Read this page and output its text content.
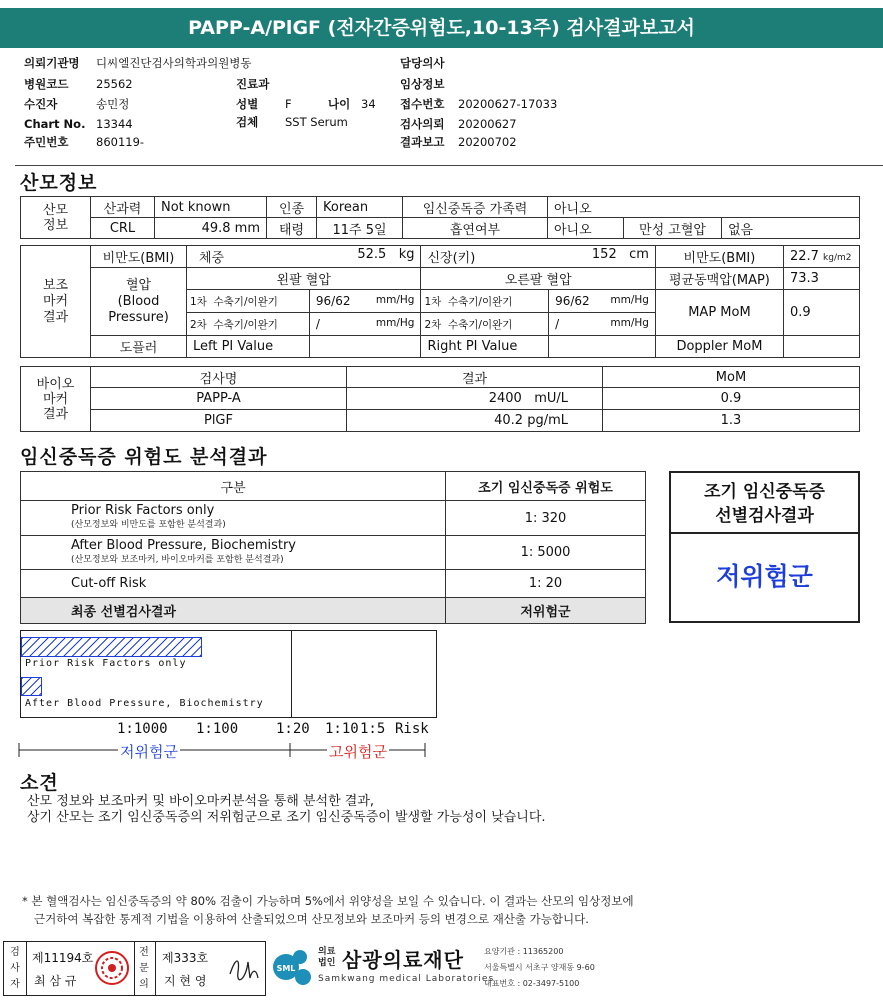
PAPP-A/PlGF (전자간증위험도,10-13주) 검사결과보고서
의뢰기관명 디씨엘진단검사의학과의원병동
병원코드 25562
수진자	송민정
Chart No. 13344
주민번호 860119-
진료과
성별 F	나이 34
검체 SST Serum
담당의사
임상정보
접수번호 20200627-17033
검사의뢰 20200627
결과보고 20200702
산모정보
산모
정보	산과력	Not known	인종	Korean	임신중독증 가족력	아니오		
	CRL	49.8 mm	태령	11주 5일	흡연여부	아니오	만성 고혈압	없음
보조
마커
결과	비만도(BMI)	체중 52.5 kg		신장(키) 152 cm		비만도(BMI)	22.7 kg/m2
	혈압
(Blood
Pressure)	왼팔 혈압		오른팔 혈압		평균동맥압(MAP)	73.3
		1차 수축기/이완기	96/62 mm/Hg	1차 수축기/이완기	96/62 mm/Hg	MAP MoM	0.9
		2차 수축기/이완기	/ mm/Hg	2차 수축기/이완기	/ mm/Hg		

	도플러	Left PI Value		Right PI Value		Doppler MoM	
바이오
마커
결과	검사명	결과	MoM
	PAPP-A	2400 mU/L	0.9
	PlGF	40.2 pg/mL	1.3
임신중독증 위험도 분석결과
구분	조기 임신중독증 위험도

Prior Risk Factors only
(산모정보와 비만도를 포함한 분석결과)	1: 320

After Blood Pressure, Biochemistry
(산모정보와 보조마커, 바이오마커를 포함한 분석결과)	1: 5000
Cut-off Risk	1: 20
최종 선별검사결과	저위험군
조기 임신중독증
선별검사결과
저위험군
Prior Risk Factors only
After Blood Pressure, Biochemistry
1:1000 1:100	1:20 1:10 1:5 Risk
저위험군	고위험군
소견
산모 정보와 보조마커 및 바이오마커분석을 통해 분석한 결과,
상기 산모는 조기 임신중독증의 저위험군으로 조기 임신중독증이 발생할 가능성이 낮습니다.
* 본 혈액검사는 임신중독증의 약 80% 검출이 가능하며 5%에서 위양성을 보일 수 있습니다. 이 결과는 산모의 임상정보에
근거하여 복잡한 통계적 기법을 이용하여 산출되었으며 산모정보와 보조마커 등의 변경으로 재산출 가능합니다.
검사자
제11194호
최 삼 규
전문의
제333호
지 현 영
SML
의료
법인 삼광의료재단
Samkwang medical Laboratories
요양기관 : 11365200
서울특별시 서초구 양재동 9-60
대표번호 : 02-3497-5100
